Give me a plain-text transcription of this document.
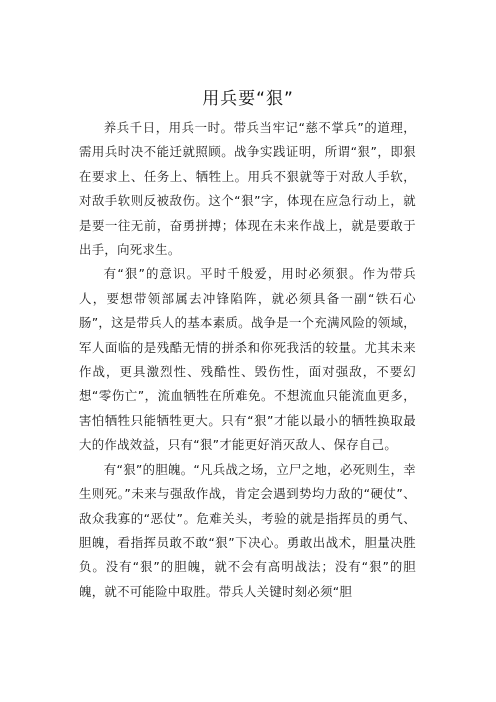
用兵要“狠”

养兵千日，用兵一时。带兵当牢记“慈不掌兵”的道理，需用兵时决不能迁就照顾。战争实践证明，所谓“狠”，即狠在要求上、任务上、牺牲上。用兵不狠就等于对敌人手软，对敌手软则反被敌伤。这个“狠”字，体现在应急行动上，就是要一往无前，奋勇拼搏；体现在未来作战上，就是要敢于出手，向死求生。

有“狠”的意识。平时千般爱，用时必须狠。作为带兵人，要想带领部属去冲锋陷阵，就必须具备一副“铁石心肠”，这是带兵人的基本素质。战争是一个充满风险的领域，军人面临的是残酷无情的拼杀和你死我活的较量。尤其未来作战，更具激烈性、残酷性、毁伤性，面对强敌，不要幻想“零伤亡”，流血牺牲在所难免。不想流血只能流血更多，害怕牺牲只能牺牲更大。只有“狠”才能以最小的牺牲换取最大的作战效益，只有“狠”才能更好消灭敌人、保存自己。

有“狠”的胆魄。“凡兵战之场，立尸之地，必死则生，幸生则死。”未来与强敌作战，肯定会遇到势均力敌的“硬仗”、敌众我寡的“恶仗”。危难关头，考验的就是指挥员的勇气、胆魄，看指挥员敢不敢“狠”下决心。勇敢出战术，胆量决胜负。没有“狠”的胆魄，就不会有高明战法；没有“狠”的胆魄，就不可能险中取胜。带兵人关键时刻必须“胆
